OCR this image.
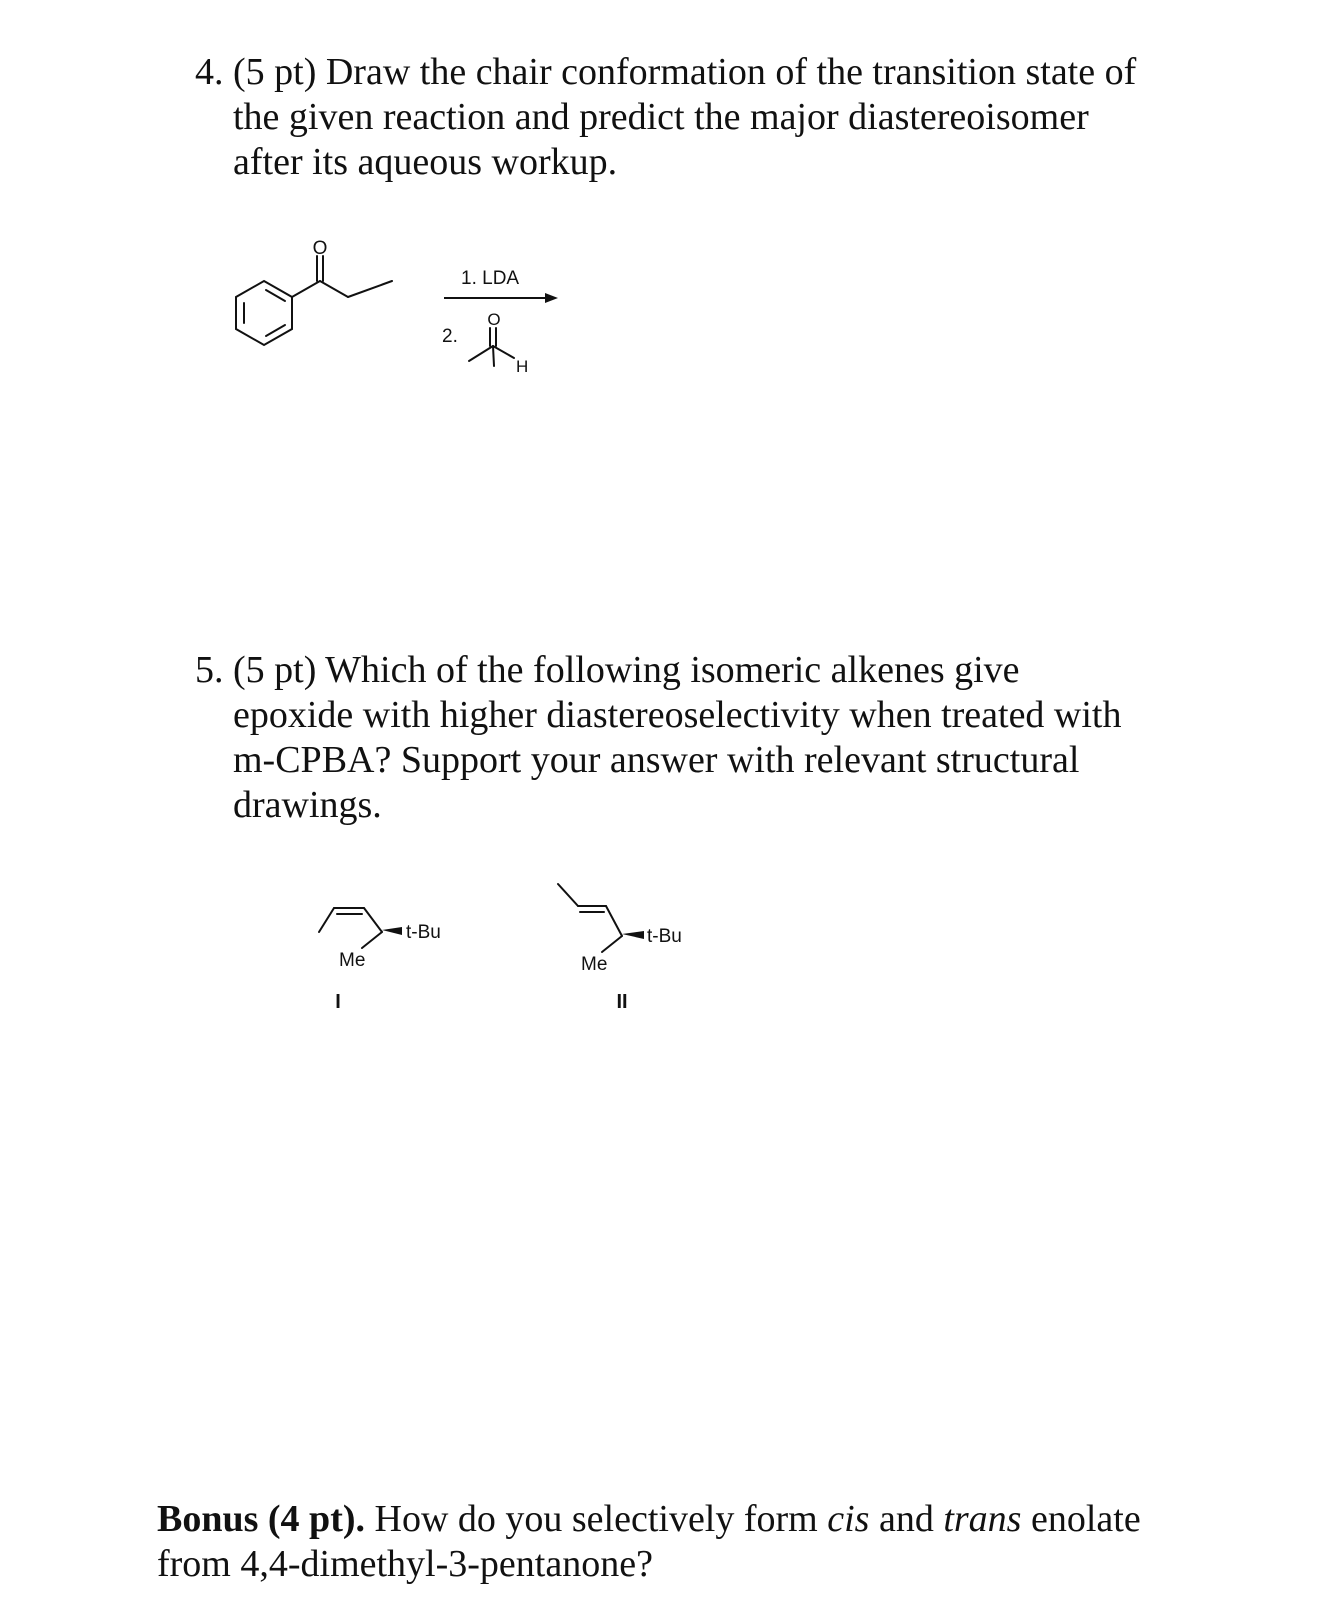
4. (5 pt) Draw the chair conformation of the transition state of
the given reaction and predict the major diastereoisomer
after its aqueous workup.
O
1. LDA
2.
O
H
5. (5 pt) Which of the following isomeric alkenes give
epoxide with higher diastereoselectivity when treated with
m-CPBA? Support your answer with relevant structural
drawings.
t-Bu
Me
I
t-Bu
Me
II
Bonus (4 pt). How do you selectively form cis and trans enolate
from 4,4-dimethyl-3-pentanone?
